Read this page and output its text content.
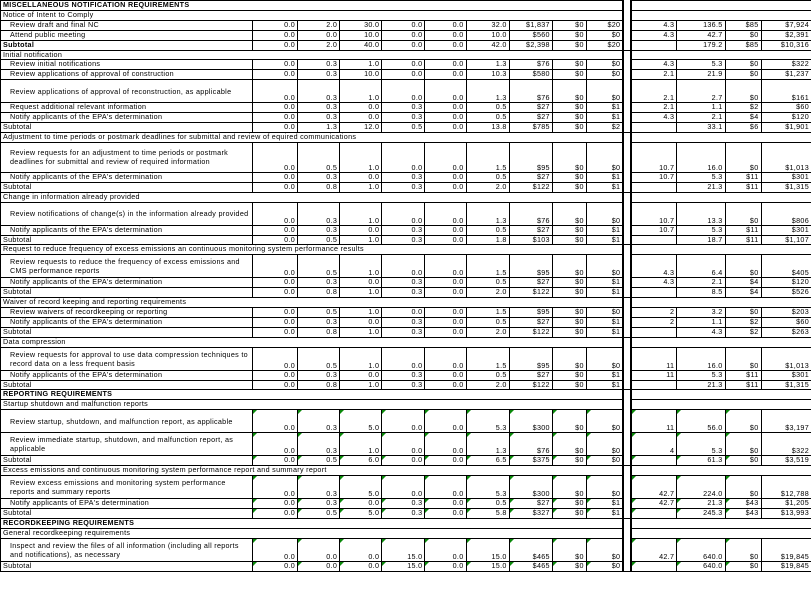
MISCELLANEOUS NOTIFICATION REQUIREMENTS														
Notice of Intent to Comply														
Review draft and final NC	0.0	2.0	30.0	0.0	0.0	32.0	$1,837	$0	$20		4.3	136.5	$85	$7,924
Attend public meeting	0.0	0.0	10.0	0.0	0.0	10.0	$560	$0	$0		4.3	42.7	$0	$2,391
Subtotal	0.0	2.0	40.0	0.0	0.0	42.0	$2,398	$0	$20			179.2	$85	$10,316
Initial notification														
Review initial notifications	0.0	0.3	1.0	0.0	0.0	1.3	$76	$0	$0		4.3	5.3	$0	$322
Review applications of approval of construction	0.0	0.3	10.0	0.0	0.0	10.3	$580	$0	$0		2.1	21.9	$0	$1,237
Review applications of approval of reconstruction, as applicable	0.0	0.3	1.0	0.0	0.0	1.3	$76	$0	$0		2.1	2.7	$0	$161
Request additional relevant information	0.0	0.3	0.0	0.3	0.0	0.5	$27	$0	$1		2.1	1.1	$2	$60
Notify applicants of the EPA's determination	0.0	0.3	0.0	0.3	0.0	0.5	$27	$0	$1		4.3	2.1	$4	$120
Subtotal	0.0	1.3	12.0	0.5	0.0	13.8	$785	$0	$2			33.1	$6	$1,901
Adjustment to time periods or postmark deadlines for submittal and review of equired communications														
Review requests for an adjustment to time periods or postmark deadlines for submittal and review of required information	0.0	0.5	1.0	0.0	0.0	1.5	$95	$0	$0		10.7	16.0	$0	$1,013
Notify applicants of the EPA's determination	0.0	0.3	0.0	0.3	0.0	0.5	$27	$0	$1		10.7	5.3	$11	$301
Subtotal	0.0	0.8	1.0	0.3	0.0	2.0	$122	$0	$1			21.3	$11	$1,315
Change in information already provided														
Review notifications of change(s) in the information already provided	0.0	0.3	1.0	0.0	0.0	1.3	$76	$0	$0		10.7	13.3	$0	$806
Notify applicants of the EPA's determination	0.0	0.3	0.0	0.3	0.0	0.5	$27	$0	$1		10.7	5.3	$11	$301
Subtotal	0.0	0.5	1.0	0.3	0.0	1.8	$103	$0	$1			18.7	$11	$1,107
Request to reduce frequency of excess emissions an continuous monitoring system performance results														
Review requests to reduce the frequency of excess emissions and CMS performance reports	0.0	0.5	1.0	0.0	0.0	1.5	$95	$0	$0		4.3	6.4	$0	$405
Notify applicants of the EPA's determination	0.0	0.3	0.0	0.3	0.0	0.5	$27	$0	$1		4.3	2.1	$4	$120
Subtotal	0.0	0.8	1.0	0.3	0.0	2.0	$122	$0	$1			8.5	$4	$526
Waiver of record keeping and reporting requirements														
Review waivers of recordkeeping or reporting	0.0	0.5	1.0	0.0	0.0	1.5	$95	$0	$0		2	3.2	$0	$203
Notify applicants of the EPA's determination	0.0	0.3	0.0	0.3	0.0	0.5	$27	$0	$1		2	1.1	$2	$60
Subtotal	0.0	0.8	1.0	0.3	0.0	2.0	$122	$0	$1			4.3	$2	$263
Data compression														
Review requests for approval to use data compression techniques to record data on a less frequent basis	0.0	0.5	1.0	0.0	0.0	1.5	$95	$0	$0		11	16.0	$0	$1,013
Notify applicants of the EPA's determination	0.0	0.3	0.0	0.3	0.0	0.5	$27	$0	$1		11	5.3	$11	$301
Subtotal	0.0	0.8	1.0	0.3	0.0	2.0	$122	$0	$1			21.3	$11	$1,315
REPORTING REQUIREMENTS														
Startup shutdown and malfunction reports														
Review startup, shutdown, and malfunction report, as applicable	0.0	0.3	5.0	0.0	0.0	5.3	$300	$0	$0		11	56.0	$0	$3,197
Review immediate startup, shutdown, and malfunction report, as applicable	0.0	0.3	1.0	0.0	0.0	1.3	$76	$0	$0		4	5.3	$0	$322
Subtotal	0.0	0.5	6.0	0.0	0.0	6.5	$375	$0	$0			61.3	$0	$3,519
Excess emissions and continuous monitoring system performance report and summary report														
Review excess emissions and monitoring system performance reports and summary reports	0.0	0.3	5.0	0.0	0.0	5.3	$300	$0	$0		42.7	224.0	$0	$12,788
Notify applicants of EPA's determination	0.0	0.3	0.0	0.3	0.0	0.5	$27	$0	$1		42.7	21.3	$43	$1,205
Subtotal	0.0	0.5	5.0	0.3	0.0	5.8	$327	$0	$1			245.3	$43	$13,993
RECORDKEEPING REQUIREMENTS														
General recordkeeping requirements														
Inspect and review the files of all information (including all reports and notifications), as necessary	0.0	0.0	0.0	15.0	0.0	15.0	$465	$0	$0		42.7	640.0	$0	$19,845
Subtotal	0.0	0.0	0.0	15.0	0.0	15.0	$465	$0	$0			640.0	$0	$19,845
